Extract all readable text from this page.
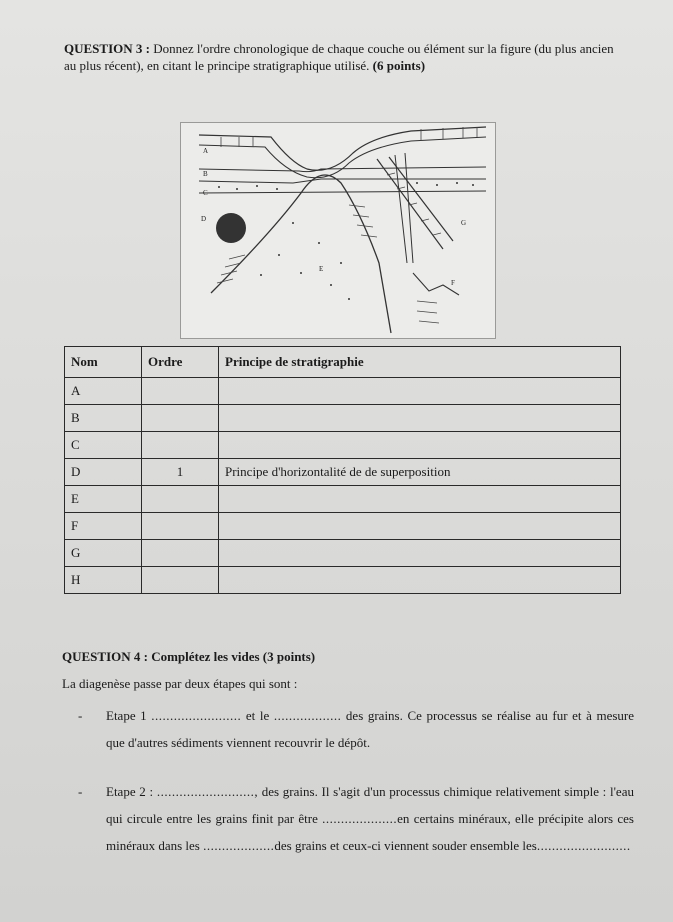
QUESTION 3 : Donnez l'ordre chronologique de chaque couche ou élément sur la figure (du plus ancien au plus récent), en citant le principe stratigraphique utilisé. (6 points)
A
B
C
D
E
F
G
Nom	Ordre	Principe de stratigraphie
A		
B		
C		
D	1	Principe d'horizontalité de de superposition
E		
F		
G		
H		
QUESTION 4 : Complétez les vides (3 points)
La diagenèse passe par deux étapes qui sont :
- Etape 1 ........................ et le .................. des grains. Ce processus se réalise au fur et à mesure que d'autres sédiments viennent recouvrir le dépôt.
- Etape 2 : .........................., des grains. Il s'agit d'un processus chimique relativement simple : l'eau qui circule entre les grains finit par être ....................en certains minéraux, elle précipite alors ces minéraux dans les ...................des grains et ceux-ci viennent souder ensemble les.........................
